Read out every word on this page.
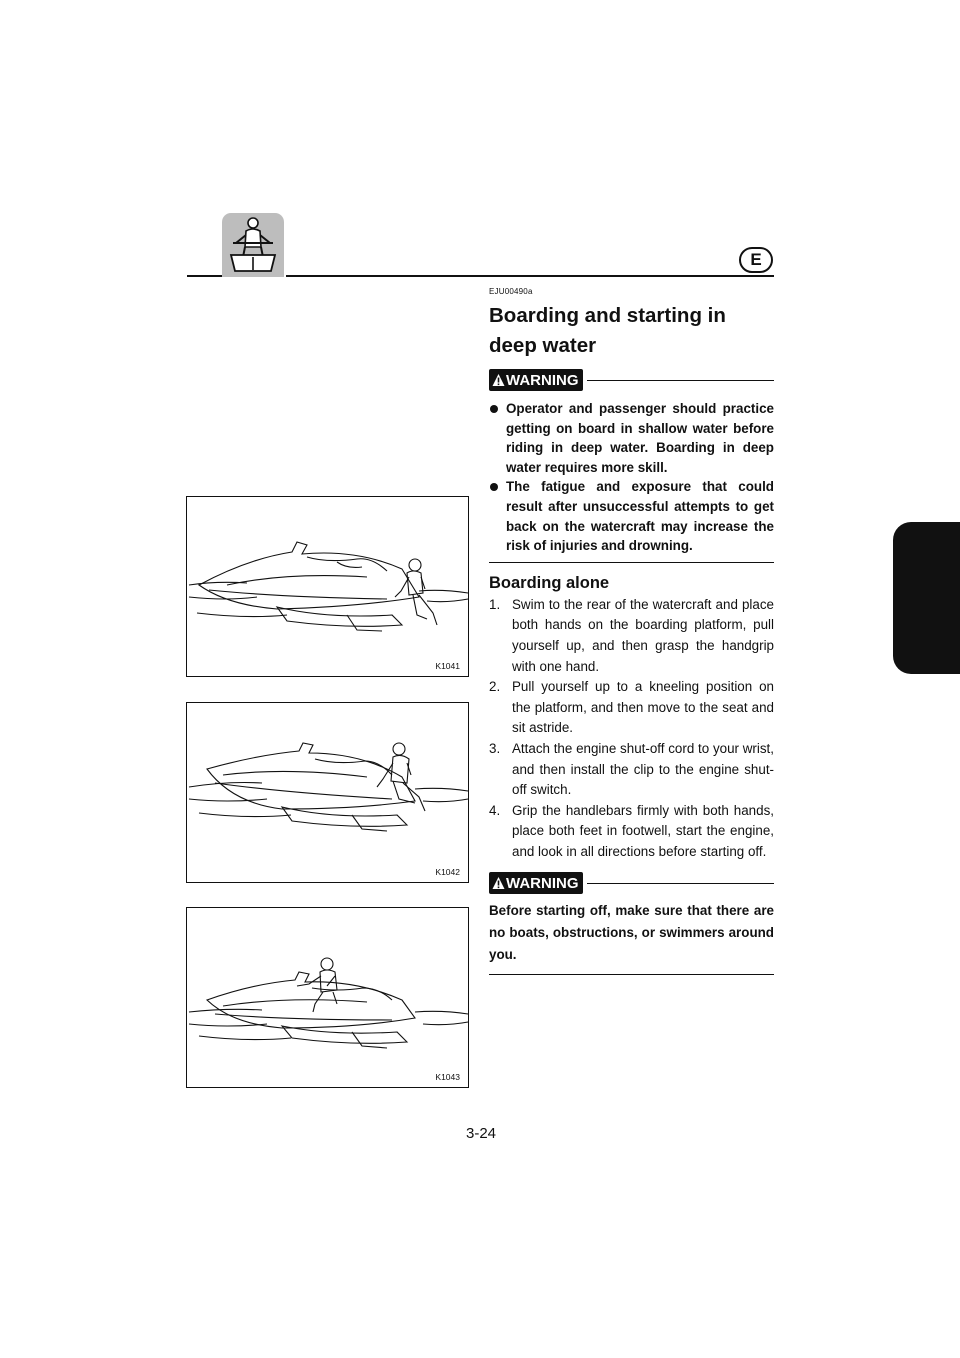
E

EJU00490a

Boarding and starting in deep water
WARNING
Operator and passenger should practice getting on board in shallow water before riding in deep water. Boarding in deep water requires more skill.
The fatigue and exposure that could result after unsuccessful attempts to get back on the watercraft may increase the risk of injuries and drowning.
Boarding alone
1. Swim to the rear of the watercraft and place both hands on the boarding platform, pull yourself up, and then grasp the handgrip with one hand.
2. Pull yourself up to a kneeling position on the platform, and then move to the seat and sit astride.
3. Attach the engine shut-off cord to your wrist, and then install the clip to the engine shut-off switch.
4. Grip the handlebars firmly with both hands, place both feet in footwell, start the engine, and look in all directions before starting off.
WARNING

Before starting off, make sure that there are no boats, obstructions, or swimmers around you.

K1041
K1042
K1043
3-24
